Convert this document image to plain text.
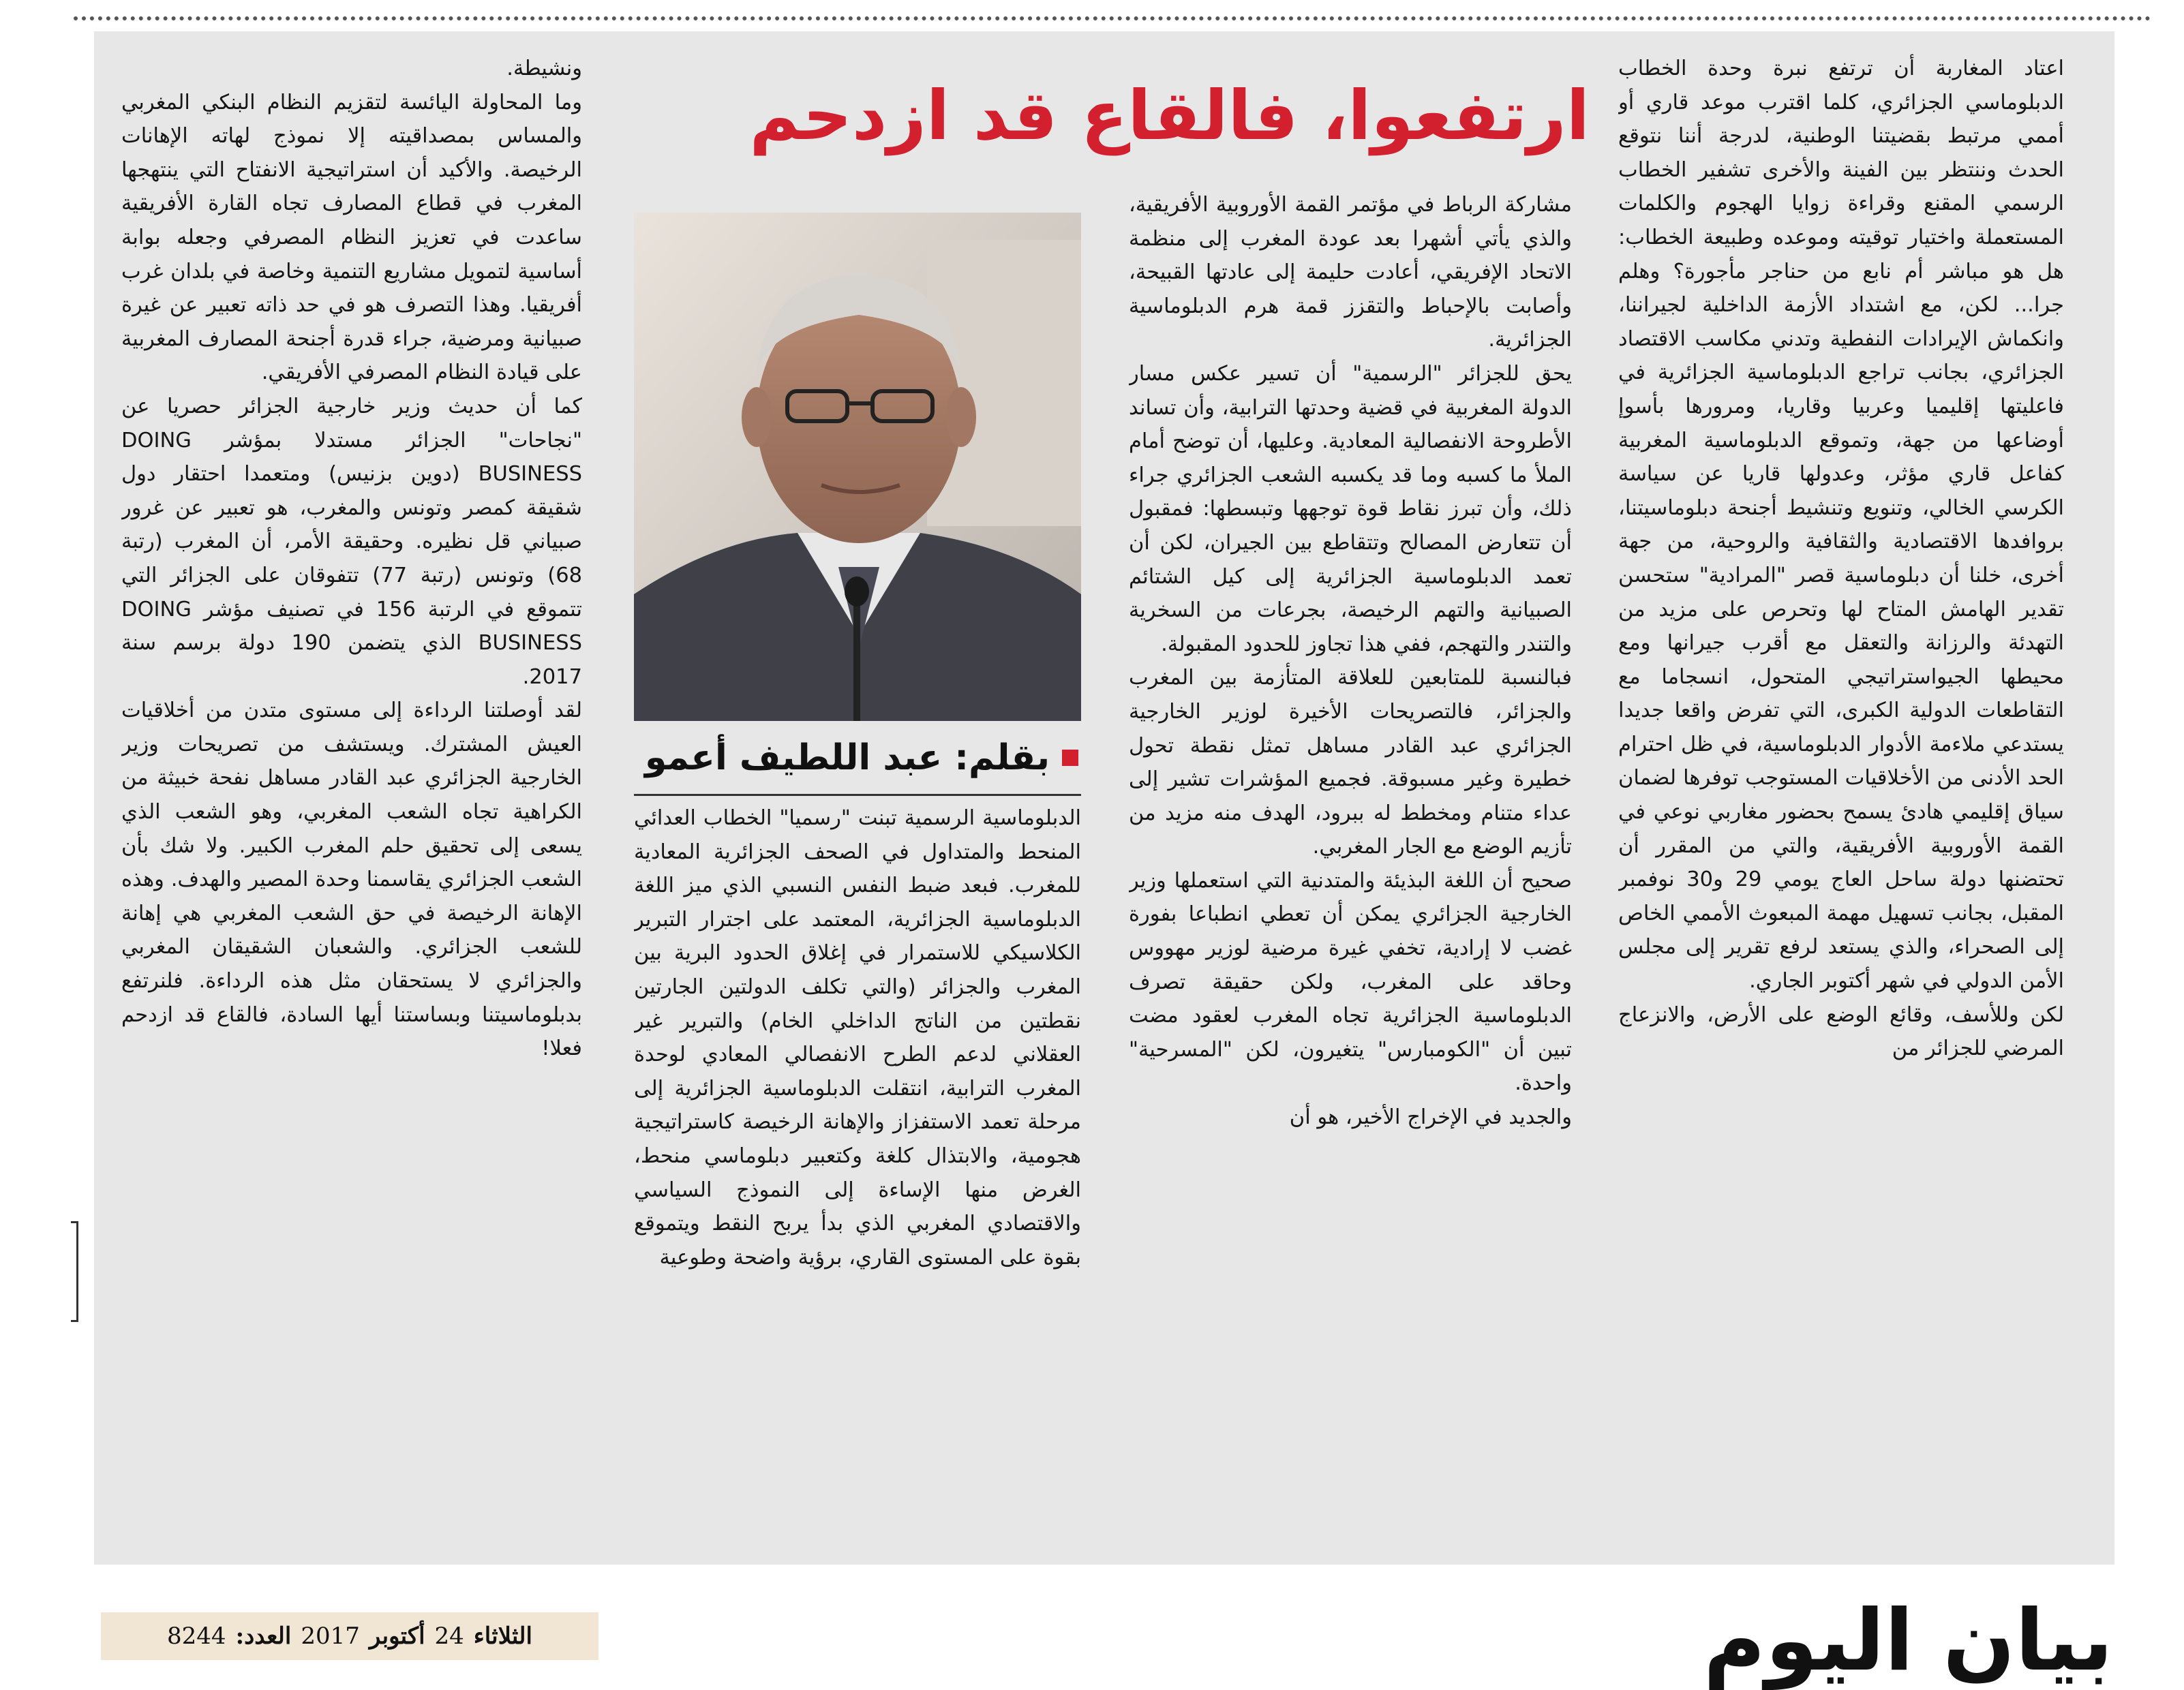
ارتفعوا، فالقاع قد ازدحم
اعتاد المغاربة أن ترتفع نبرة وحدة الخطاب الدبلوماسي الجزائري، كلما اقترب موعد قاري أو أممي مرتبط بقضيتنا الوطنية، لدرجة أننا نتوقع الحدث وننتظر بين الفينة والأخرى تشفير الخطاب الرسمي المقنع وقراءة زوايا الهجوم والكلمات المستعملة واختيار توقيته وموعده وطبيعة الخطاب: هل هو مباشر أم نابع من حناجر مأجورة؟ وهلم جرا... لكن، مع اشتداد الأزمة الداخلية لجيراننا، وانكماش الإيرادات النفطية وتدني مكاسب الاقتصاد الجزائري، بجانب تراجع الدبلوماسية الجزائرية في فاعليتها إقليميا وعربيا وقاريا، ومرورها بأسوإ أوضاعها من جهة، وتموقع الدبلوماسية المغربية كفاعل قاري مؤثر، وعدولها قاريا عن سياسة الكرسي الخالي، وتنويع وتنشيط أجنحة دبلوماسيتنا، بروافدها الاقتصادية والثقافية والروحية، من جهة أخرى، خلنا أن دبلوماسية قصر "المرادية" ستحسن تقدير الهامش المتاح لها وتحرص على مزيد من التهدئة والرزانة والتعقل مع أقرب جيرانها ومع محيطها الجيواستراتيجي المتحول، انسجاما مع التقاطعات الدولية الكبرى، التي تفرض واقعا جديدا يستدعي ملاءمة الأدوار الدبلوماسية، في ظل احترام الحد الأدنى من الأخلاقيات المستوجب توفرها لضمان سياق إقليمي هادئ يسمح بحضور مغاربي نوعي في القمة الأوروبية الأفريقية، والتي من المقرر أن تحتضنها دولة ساحل العاج يومي 29 و30 نوفمبر المقبل، بجانب تسهيل مهمة المبعوث الأممي الخاص إلى الصحراء، والذي يستعد لرفع تقرير إلى مجلس الأمن الدولي في شهر أكتوبر الجاري.
لكن وللأسف، وقائع الوضع على الأرض، والانزعاج المرضي للجزائر من
مشاركة الرباط في مؤتمر القمة الأوروبية الأفريقية، والذي يأتي أشهرا بعد عودة المغرب إلى منظمة الاتحاد الإفريقي، أعادت حليمة إلى عادتها القبيحة، وأصابت بالإحباط والتقزز قمة هرم الدبلوماسية الجزائرية.
يحق للجزائر "الرسمية" أن تسير عكس مسار الدولة المغربية في قضية وحدتها الترابية، وأن تساند الأطروحة الانفصالية المعادية. وعليها، أن توضح أمام الملأ ما كسبه وما قد يكسبه الشعب الجزائري جراء ذلك، وأن تبرز نقاط قوة توجهها وتبسطها: فمقبول أن تتعارض المصالح وتتقاطع بين الجيران، لكن أن تعمد الدبلوماسية الجزائرية إلى كيل الشتائم الصبيانية والتهم الرخيصة، بجرعات من السخرية والتندر والتهجم، ففي هذا تجاوز للحدود المقبولة.
فبالنسبة للمتابعين للعلاقة المتأزمة بين المغرب والجزائر، فالتصريحات الأخيرة لوزير الخارجية الجزائري عبد القادر مساهل تمثل نقطة تحول خطيرة وغير مسبوقة. فجميع المؤشرات تشير إلى عداء متنام ومخطط له ببرود، الهدف منه مزيد من تأزيم الوضع مع الجار المغربي.
صحيح أن اللغة البذيئة والمتدنية التي استعملها وزير الخارجية الجزائري يمكن أن تعطي انطباعا بفورة غضب لا إرادية، تخفي غيرة مرضية لوزير مهووس وحاقد على المغرب، ولكن حقيقة تصرف الدبلوماسية الجزائرية تجاه المغرب لعقود مضت تبين أن "الكومبارس" يتغيرون، لكن "المسرحية" واحدة.
والجديد في الإخراج الأخير، هو أن
بقلم: عبد اللطيف أعمو
الدبلوماسية الرسمية تبنت "رسميا" الخطاب العدائي المنحط والمتداول في الصحف الجزائرية المعادية للمغرب. فبعد ضبط النفس النسبي الذي ميز اللغة الدبلوماسية الجزائرية، المعتمد على اجترار التبرير الكلاسيكي للاستمرار في إغلاق الحدود البرية بين المغرب والجزائر (والتي تكلف الدولتين الجارتين نقطتين من الناتج الداخلي الخام) والتبرير غير العقلاني لدعم الطرح الانفصالي المعادي لوحدة المغرب الترابية، انتقلت الدبلوماسية الجزائرية إلى مرحلة تعمد الاستفزاز والإهانة الرخيصة كاستراتيجية هجومية، والابتذال كلغة وكتعبير دبلوماسي منحط، الغرض منها الإساءة إلى النموذج السياسي والاقتصادي المغربي الذي بدأ يربح النقط ويتموقع بقوة على المستوى القاري، برؤية واضحة وطوعية
ونشيطة.
وما المحاولة اليائسة لتقزيم النظام البنكي المغربي والمساس بمصداقيته إلا نموذج لهاته الإهانات الرخيصة. والأكيد أن استراتيجية الانفتاح التي ينتهجها المغرب في قطاع المصارف تجاه القارة الأفريقية ساعدت في تعزيز النظام المصرفي وجعله بوابة أساسية لتمويل مشاريع التنمية وخاصة في بلدان غرب أفريقيا. وهذا التصرف هو في حد ذاته تعبير عن غيرة صبيانية ومرضية، جراء قدرة أجنحة المصارف المغربية على قيادة النظام المصرفي الأفريقي.
كما أن حديث وزير خارجية الجزائر حصريا عن "نجاحات" الجزائر مستدلا بمؤشر DOING BUSINESS (دوين بزنيس) ومتعمدا احتقار دول شقيقة كمصر وتونس والمغرب، هو تعبير عن غرور صبياني قل نظيره. وحقيقة الأمر، أن المغرب (رتبة 68) وتونس (رتبة 77) تتفوقان على الجزائر التي تتموقع في الرتبة 156 في تصنيف مؤشر DOING BUSINESS الذي يتضمن 190 دولة برسم سنة 2017.
لقد أوصلتنا الرداءة إلى مستوى متدن من أخلاقيات العيش المشترك. ويستشف من تصريحات وزير الخارجية الجزائري عبد القادر مساهل نفحة خبيثة من الكراهية تجاه الشعب المغربي، وهو الشعب الذي يسعى إلى تحقيق حلم المغرب الكبير. ولا شك بأن الشعب الجزائري يقاسمنا وحدة المصير والهدف. وهذه الإهانة الرخيصة في حق الشعب المغربي هي إهانة للشعب الجزائري. والشعبان الشقيقان المغربي والجزائري لا يستحقان مثل هذه الرداءة. فلنرتفع بدبلوماسيتنا وبساستنا أيها السادة، فالقاع قد ازدحم فعلا!
الثلاثاء
24
أكتوبر
2017
العدد:
8244	بيان اليوم
